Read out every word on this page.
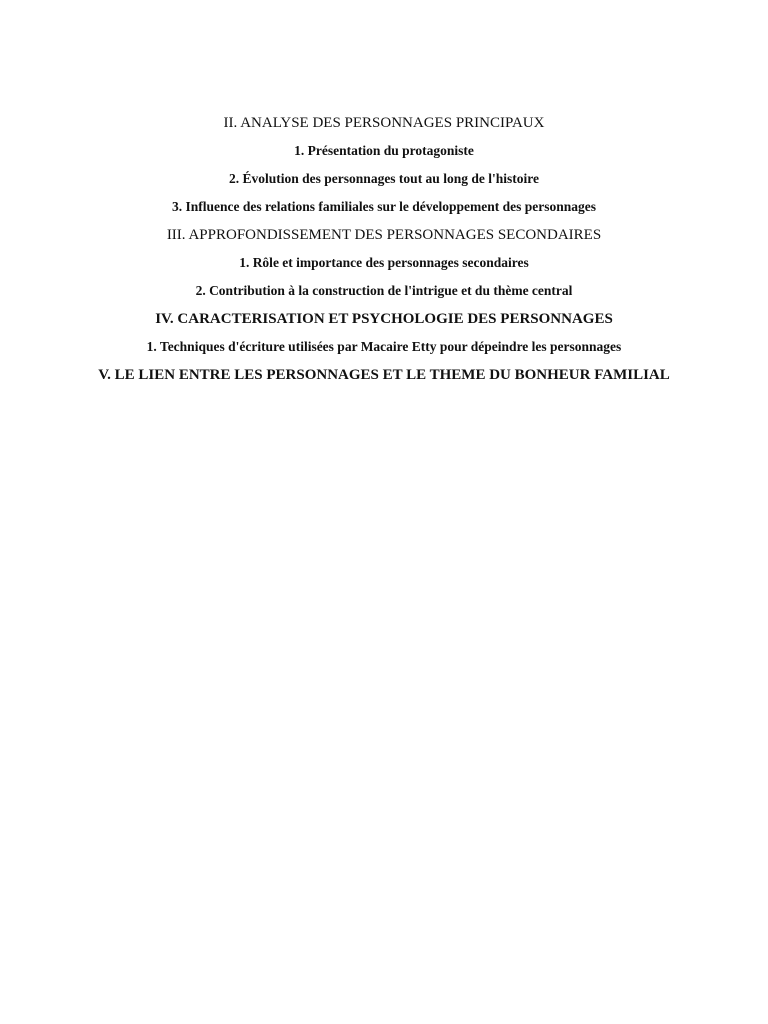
II. ANALYSE DES PERSONNAGES PRINCIPAUX

1. Présentation du protagoniste

2. Évolution des personnages tout au long de l'histoire

3. Influence des relations familiales sur le développement des personnages

III. APPROFONDISSEMENT DES PERSONNAGES SECONDAIRES

1. Rôle et importance des personnages secondaires

2. Contribution à la construction de l'intrigue et du thème central

IV. CARACTERISATION ET PSYCHOLOGIE DES PERSONNAGES

1. Techniques d'écriture utilisées par Macaire Etty pour dépeindre les personnages

V. LE LIEN ENTRE LES PERSONNAGES ET LE THEME DU BONHEUR FAMILIAL
